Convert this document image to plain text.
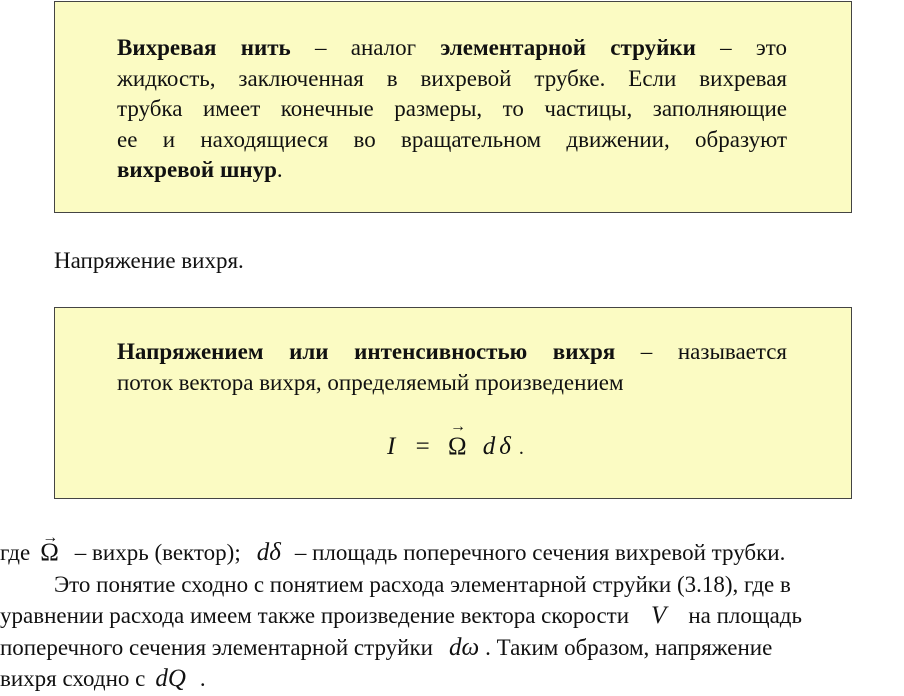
Вихревая нить – аналог элементарной струйки – это
жидкость, заключенная в вихревой трубке. Если вихревая
трубка имеет конечные размеры, то частицы, заполняющие
ее и находящиеся во вращательном движении, образуют
вихревой шнур.
Напряжение вихря.
Напряжением или интенсивностью вихря – называется
поток вектора вихря, определяемый произведением
I = → Ω d δ .
где → Ω – вихрь (вектор); dδ – площадь поперечного сечения вихревой трубки.
Это понятие сходно с понятием расхода элементарной струйки (3.18), где в
уравнении расхода имеем также произведение вектора скорости V на площадь
поперечного сечения элементарной струйки dω . Таким образом, напряжение
вихря сходно с dQ .
